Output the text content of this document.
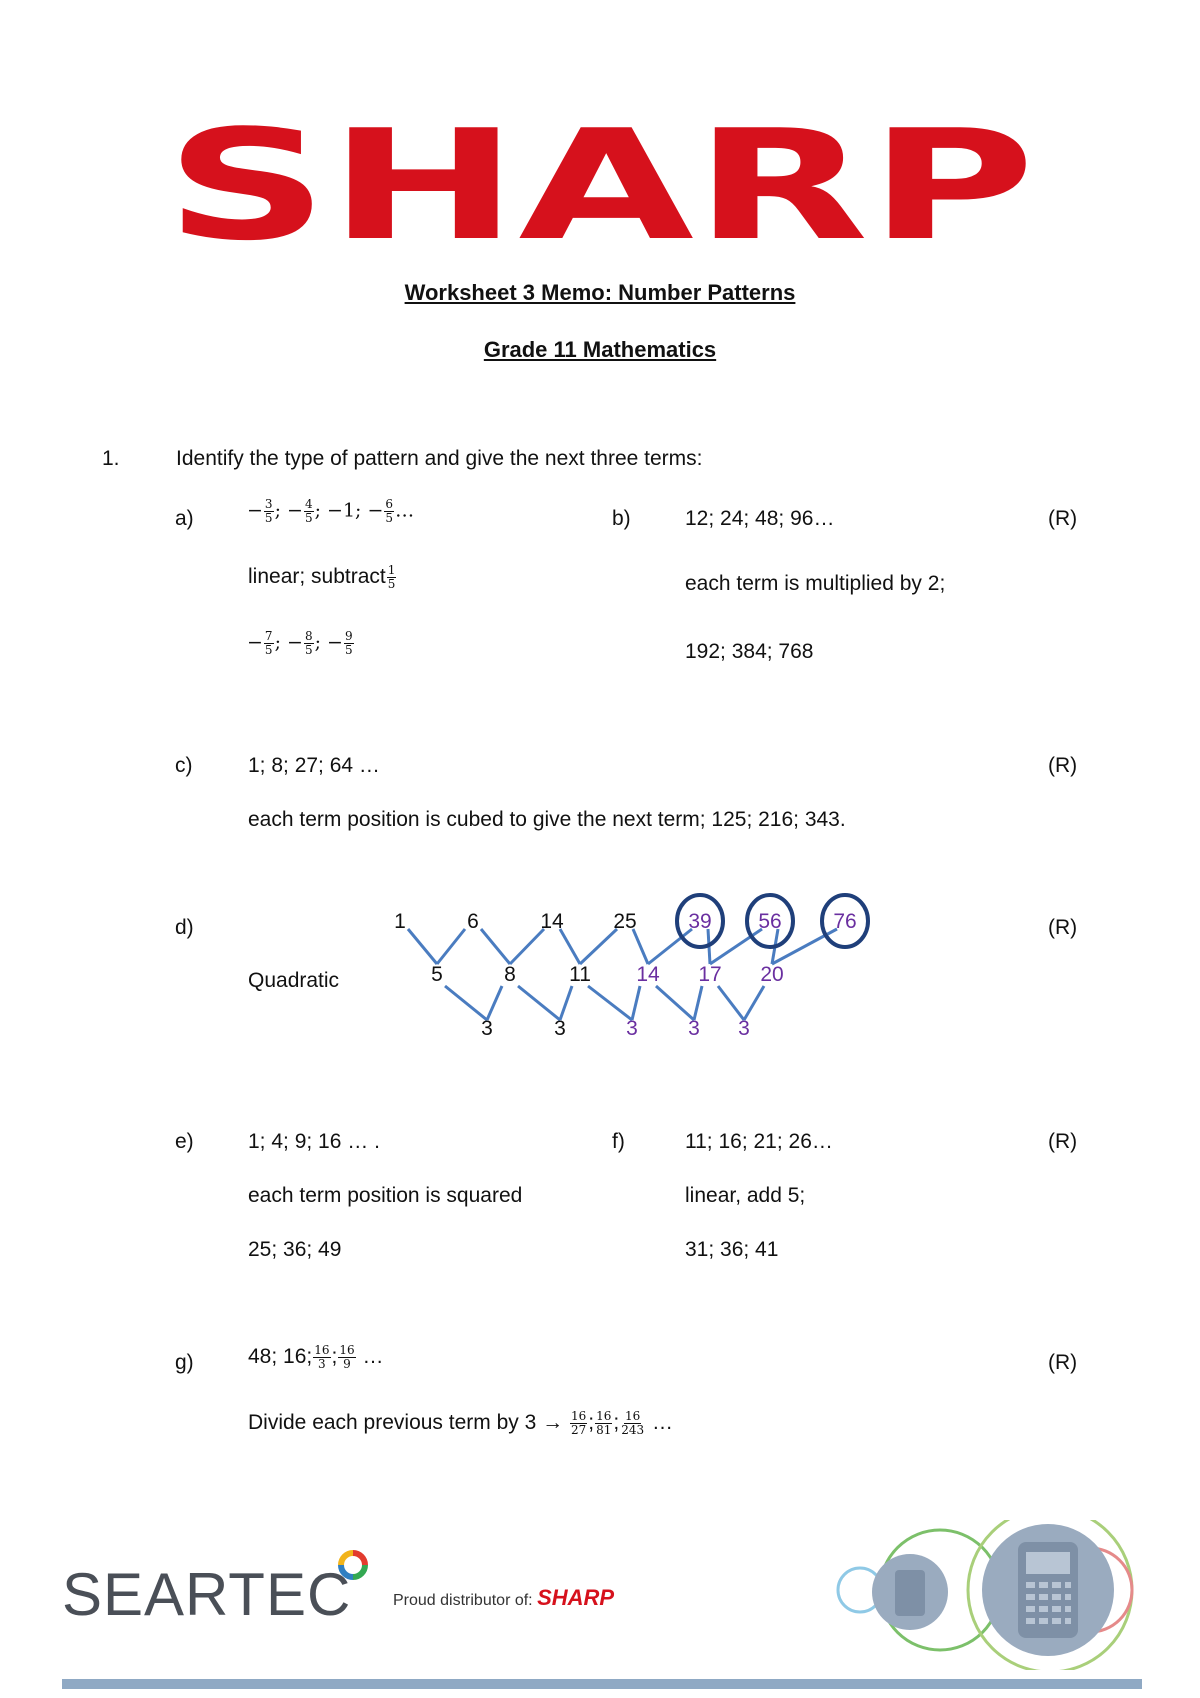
SHARP
Worksheet 3 Memo: Number Patterns
Grade 11 Mathematics
1.	Identify the type of pattern and give the next three terms:
a)	− $\frac{3}{5}$ ; − $\frac{4}{5}$ ; −1; − $\frac{6}{5}$ …
linear; subtract $\frac{1}{5}$
− $\frac{7}{5}$ ; − $\frac{8}{5}$ ; − $\frac{9}{5}$
b)	12; 24; 48; 96…	(R)
each term is multiplied by 2;
192; 384; 768
c)	1; 8; 27; 64 …	(R)
each term position is cubed to give the next term; 125; 216; 343.
d)	(R)
Quadratic
1	6	14 25 39 56 76
5	8	11 14 17 20
3	3	3 3 3
e)	1; 4; 9; 16 … .
each term position is squared
25; 36; 49
f)	11; 16; 21; 26…	(R)
linear, add 5;
31; 36; 41
g)	48; 16; $\frac{16}{3}$ ; $\frac{16}{9}$ …	(R)
Divide each previous term by $3 \to \frac{16}{27}$ ; $\frac{16}{81}$ ; $\frac{16}{243}$ …
SEARTEC	Proud distributor of: SHARP
